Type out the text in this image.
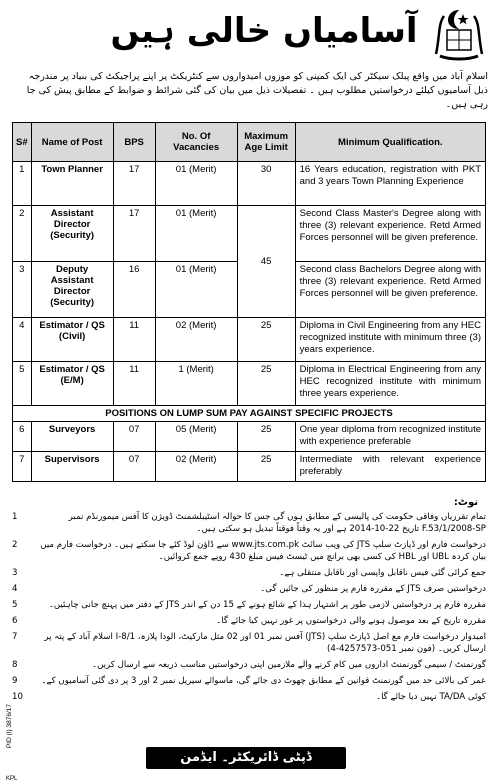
آسامیاں خالی ہیں
اسلام آباد میں واقع پبلک سیکٹر کی ایک کمپنی کو موزوں امیدواروں سے کنٹریکٹ پر اپنے پراجیکٹ کی بنیاد پر مندرجہ ذیل آسامیوں کیلئے درخواستیں مطلوب ہیں ۔ تفصیلات ذیل میں بیان کی گئی شرائط و ضوابط کے مطابق پیش کی جا رہی ہیں۔
S#	Name of Post	BPS	No. Of Vacancies	Maximum Age Limit	Minimum Qualification.
1	Town Planner	17	01 (Merit)	30	16 Years education, registration with PKT and 3 years Town Planning Experience
2	Assistant Director (Security)	17	01 (Merit)	45	Second Class Master's Degree along with three (3) relevant experience. Retd Armed Forces personnel will be given preference.
3	Deputy Assistant Director (Security)	16	01 (Merit)		Second class Bachelors Degree along with three (3) relevant experience. Retd Armed Forces personnel will be given preference.
4	Estimator / QS (Civil)	11	02 (Merit)	25	Diploma in Civil Engineering from any HEC recognized institute with minimum three (3) years experience.
5	Estimator / QS (E/M)	11	1 (Merit)	25	Diploma in Electrical Engineering from any HEC recognized institute with minimum three years experience.
POSITIONS ON LUMP SUM PAY AGAINST SPECIFIC PROJECTS					
6	Surveyors	07	05 (Merit)	25	One year diploma from recognized institute with experience preferable
7	Supervisors	07	02 (Merit)	25	Intermediate with relevant experience preferably
نوٹ:
تمام تقرریاں وفاقی حکومت کی پالیسی کے مطابق ہوں گی جس کا حوالہ اسٹیبلشمنٹ ڈویژن کا آفس میمورنڈم نمبر F.53/1/2008-SP تاریخ 22-10-2014 ہے اور یہ وقتاً فوقتاً تبدیل ہو سکتی ہیں۔
1
درخواست فارم اور ڈپازٹ سلپ JTS کی ویب سائٹ www.jts.com.pk سے ڈاؤن لوڈ کئے جا سکتے ہیں۔ درخواست فارم میں بیان کردہ UBL اور HBL کی کسی بھی برانچ میں ٹیسٹ فیس مبلغ 430 روپے جمع کروائیں۔
2
جمع کرائی گئی فیس ناقابل واپسی اور ناقابل منتقلی ہے۔
3
درخواستیں صرف JTS کے مقررہ فارم پر منظور کی جائیں گی۔
4
مقررہ فارم پر درخواستیں لازمی طور پر اشتہار ہذا کے شائع ہونے کے 15 دن کے اندر JTS کے دفتر میں پہنچ جانی چاہئیں۔
5
مقررہ تاریخ کے بعد موصول ہونے والی درخواستوں پر غور نہیں کیا جائے گا۔
6
امیدوار درخواست فارم مع اصل ڈپازٹ سلپ (JTS) آفس نمبر 01 اور 02 مثل مارکیٹ، الودا پلازہ، I-8/1 اسلام آباد کے پتہ پر ارسال کریں۔ (فون نمبر 051-4257573-4)
7
گورنمنٹ / سیمی گورنمنٹ اداروں میں کام کرنے والے ملازمین اپنی درخواستیں مناسب ذریعہ سے ارسال کریں۔
8
عمر کی بالائی حد میں گورنمنٹ قوانین کے مطابق چھوٹ دی جائے گی، ماسوائے سیریل نمبر 2 اور 3 پر دی گئی آسامیوں کے۔
9
کوئی TA/DA نہیں دیا جائے گا۔
10
PID (I) 3876/17
ڈپٹی ڈائریکٹر۔ ایڈمن
KPL
